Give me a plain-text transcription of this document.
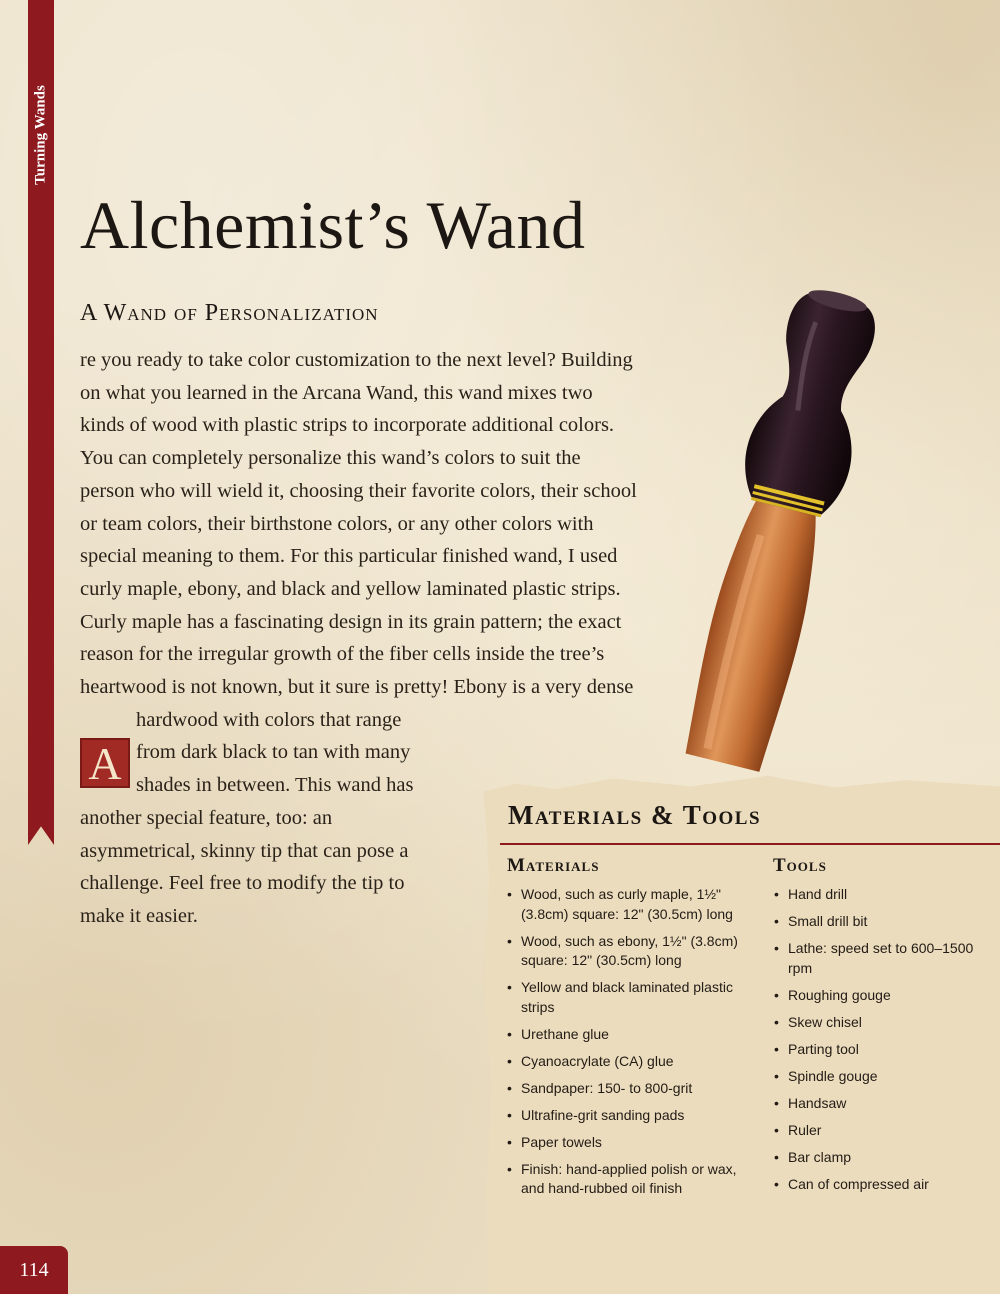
Turning Wands
Alchemist’s Wand
A Wand of Personalization
A
re you ready to take color customization to the next level? Building on what you learned in the Arcana Wand, this wand mixes two kinds of wood with plastic strips to incorporate additional colors. You can completely personalize this wand’s colors to suit the person who will wield it, choosing their favorite colors, their school or team colors, their birthstone colors, or any other colors with special meaning to them. For this particular finished wand, I used curly maple, ebony, and black and yellow laminated plastic strips. Curly maple has a fascinating design in its grain pattern; the exact reason for the irregular growth of the fiber cells inside the tree’s heartwood is not known, but it sure is pretty! Ebony is a very dense hardwood with colors that range from dark black to tan with many shades in between. This wand has another special feature, too: an asymmetrical, skinny tip that can pose a challenge. Feel free to modify the tip to make it easier.
Materials & Tools
Materials
• Wood, such as curly maple, 1½" (3.8cm) square: 12" (30.5cm) long
• Wood, such as ebony, 1½" (3.8cm) square: 12" (30.5cm) long
• Yellow and black laminated plastic strips
• Urethane glue
• Cyanoacrylate (CA) glue
• Sandpaper: 150- to 800-grit
• Ultrafine-grit sanding pads
• Paper towels
• Finish: hand-applied polish or wax, and hand-rubbed oil finish
Tools
• Hand drill
• Small drill bit
• Lathe: speed set to 600–1500 rpm
• Roughing gouge
• Skew chisel
• Parting tool
• Spindle gouge
• Handsaw
• Ruler
• Bar clamp
• Can of compressed air
114
